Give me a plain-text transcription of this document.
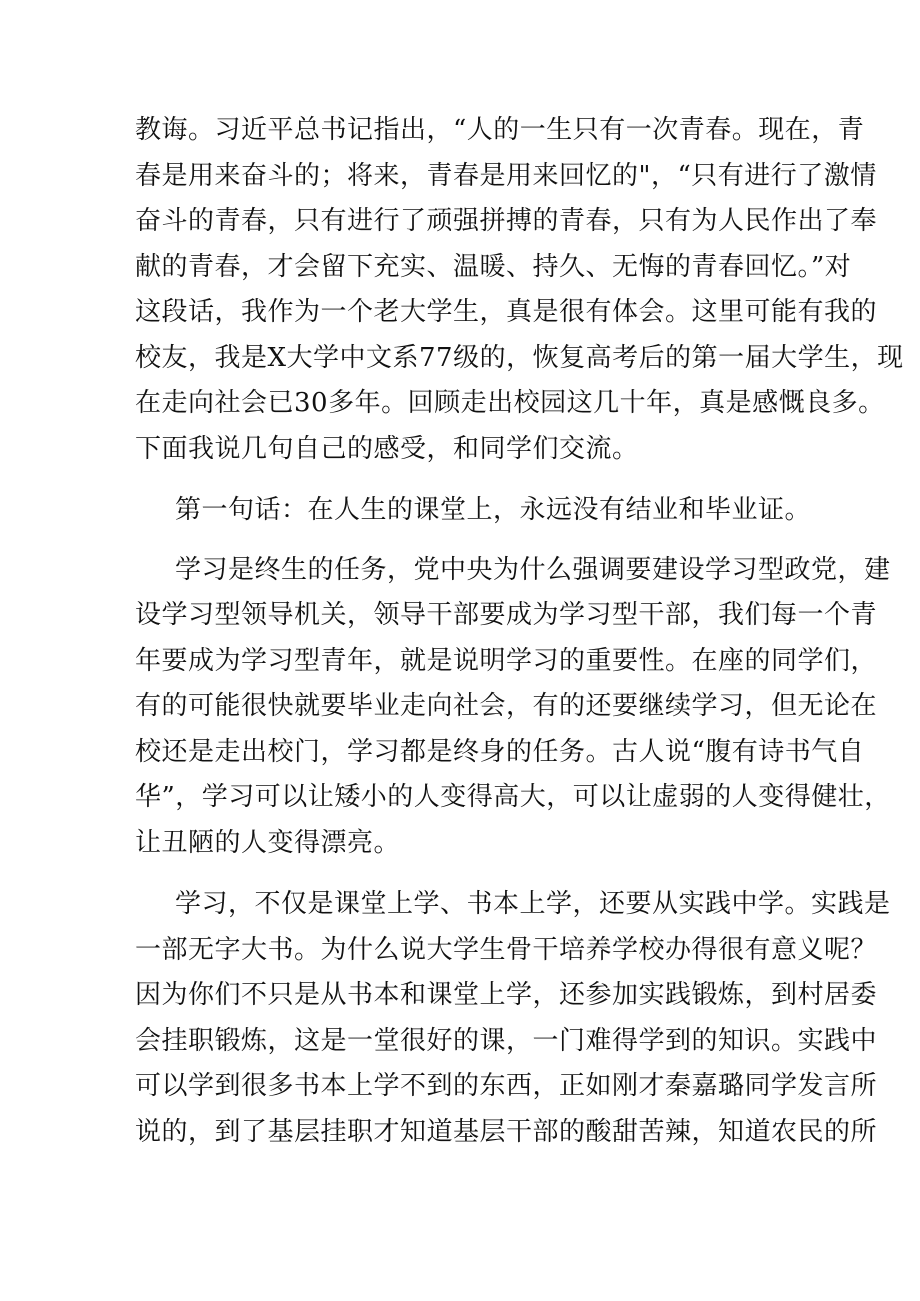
教诲。习近平总书记指出，“人的一生只有一次青春。现在，青
春是用来奋斗的；将来，青春是用来回忆的"，“只有进行了激情
奋斗的青春，只有进行了顽强拼搏的青春，只有为人民作出了奉
献的青春，才会留下充实、温暖、持久、无悔的青春回忆。”对
这段话，我作为一个老大学生，真是很有体会。这里可能有我的
校友，我是X大学中文系77级的，恢复高考后的第一届大学生，现
在走向社会已30多年。回顾走出校园这几十年，真是感慨良多。
下面我说几句自己的感受，和同学们交流。
第一句话：在人生的课堂上，永远没有结业和毕业证。
学习是终生的任务，党中央为什么强调要建设学习型政党，建
设学习型领导机关，领导干部要成为学习型干部，我们每一个青
年要成为学习型青年，就是说明学习的重要性。在座的同学们，
有的可能很快就要毕业走向社会，有的还要继续学习，但无论在
校还是走出校门，学习都是终身的任务。古人说“腹有诗书气自
华”，学习可以让矮小的人变得高大，可以让虚弱的人变得健壮，
让丑陋的人变得漂亮。
学习，不仅是课堂上学、书本上学，还要从实践中学。实践是
一部无字大书。为什么说大学生骨干培养学校办得很有意义呢？
因为你们不只是从书本和课堂上学，还参加实践锻炼，到村居委
会挂职锻炼，这是一堂很好的课，一门难得学到的知识。实践中
可以学到很多书本上学不到的东西，正如刚才秦嘉璐同学发言所
说的，到了基层挂职才知道基层干部的酸甜苦辣，知道农民的所
